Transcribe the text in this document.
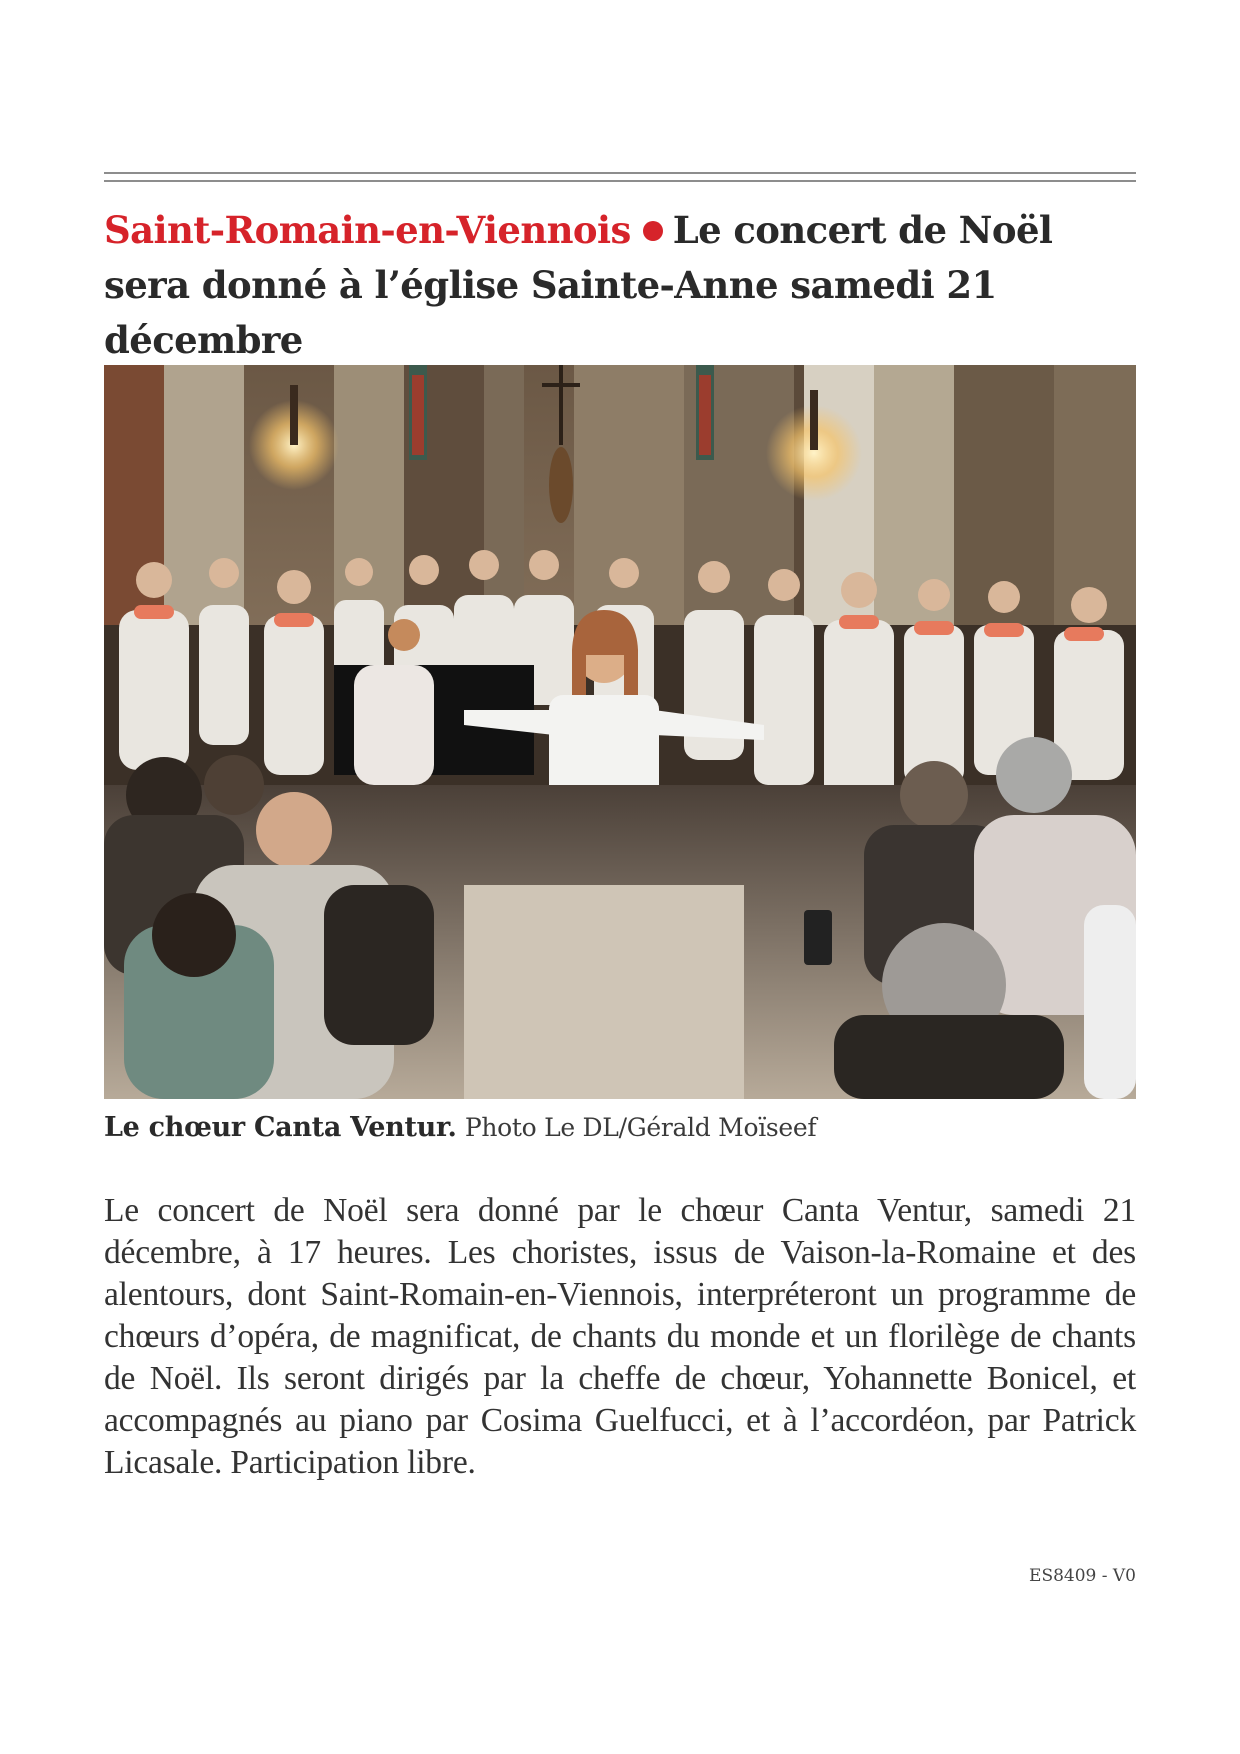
Saint-Romain-en-Viennois Le concert de Noël sera donné à l’église Sainte-Anne samedi 21 décembre

Le chœur Canta Ventur. Photo Le DL/Gérald Moïseef

Le concert de Noël sera donné par le chœur Canta Ventur, samedi 21 décembre, à 17 heures. Les choristes, issus de Vaison-la-Romaine et des alentours, dont Saint-Romain-en-Viennois, interpréteront un programme de chœurs d’opéra, de magnificat, de chants du monde et un florilège de chants de Noël. Ils seront dirigés par la cheffe de chœur, Yohannette Bonicel, et accompagnés au piano par Cosima Guelfucci, et à l’accordéon, par Patrick Licasale. Participation libre.

ES8409 - V0
